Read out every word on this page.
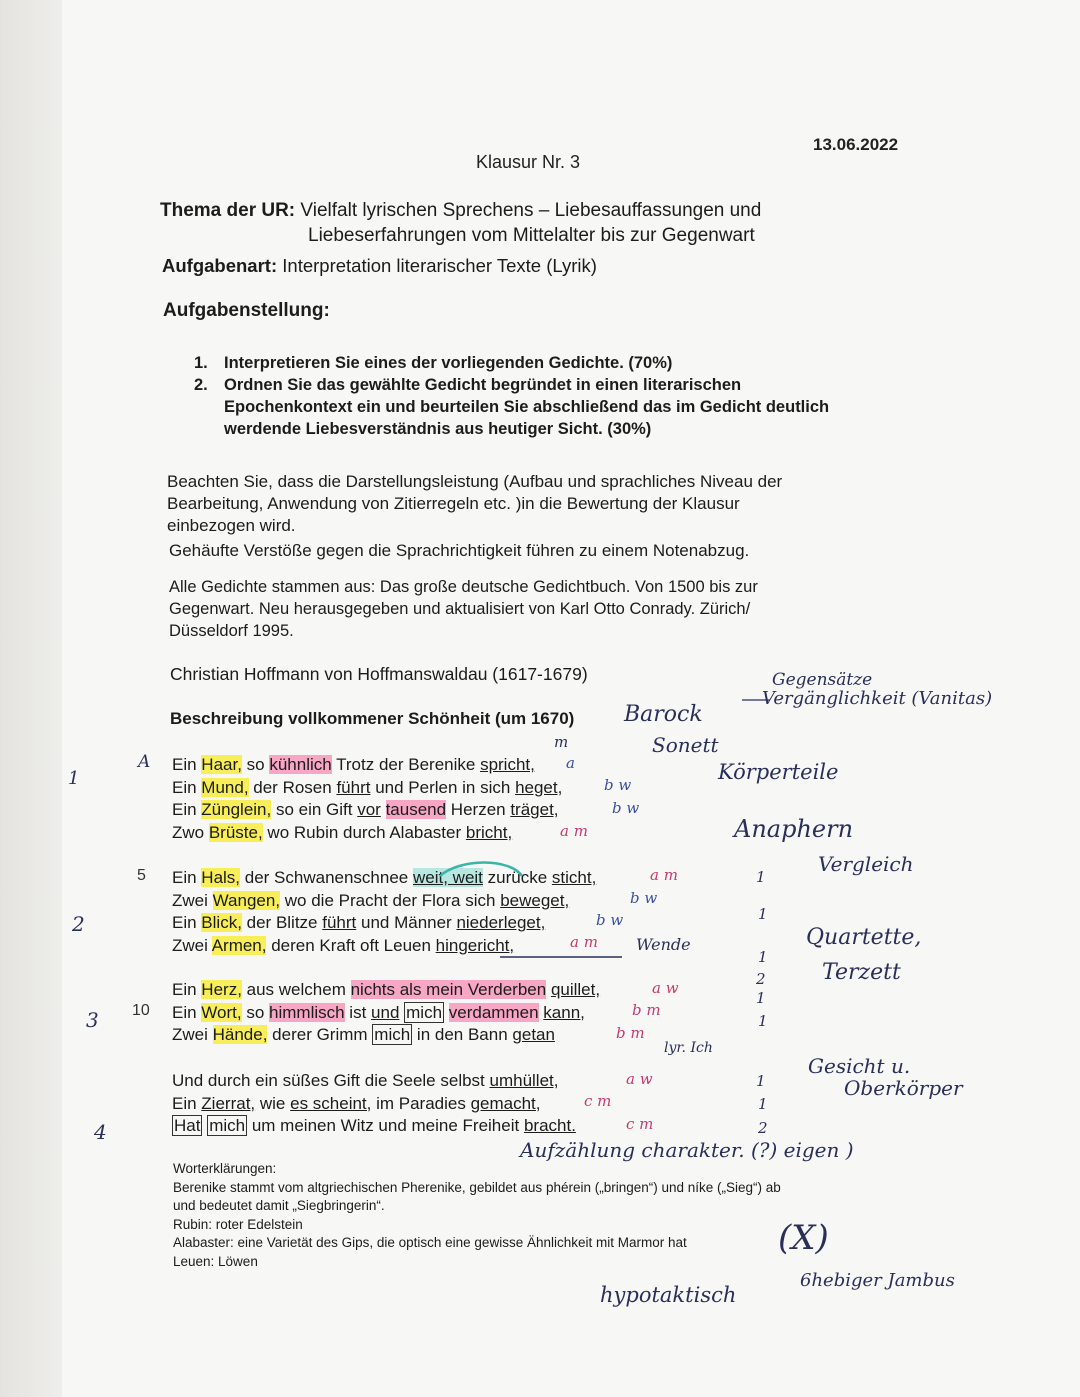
13.06.2022
Klausur Nr. 3
Thema der UR: Vielfalt lyrischen Sprechens – Liebesauffassungen und
Liebeserfahrungen vom Mittelalter bis zur Gegenwart
Aufgabenart: Interpretation literarischer Texte (Lyrik)
Aufgabenstellung:
1. Interpretieren Sie eines der vorliegenden Gedichte. (70%)
2. Ordnen Sie das gewählte Gedicht begründet in einen literarischen
Epochenkontext ein und beurteilen Sie abschließend das im Gedicht deutlich
werdende Liebesverständnis aus heutiger Sicht. (30%)
Beachten Sie, dass die Darstellungsleistung (Aufbau und sprachliches Niveau der
Bearbeitung, Anwendung von Zitierregeln etc. )in die Bewertung der Klausur
einbezogen wird.
Gehäufte Verstöße gegen die Sprachrichtigkeit führen zu einem Notenabzug.
Alle Gedichte stammen aus: Das große deutsche Gedichtbuch. Von 1500 bis zur
Gegenwart. Neu herausgegeben und aktualisiert von Karl Otto Conrady. Zürich/
Düsseldorf 1995.
Christian Hoffmann von Hoffmanswaldau (1617-1679)
Beschreibung vollkommener Schönheit (um 1670)
Ein Haar, so kühnlich Trotz der Berenike spricht,
Ein Mund, der Rosen führt und Perlen in sich heget,
Ein Zünglein, so ein Gift vor tausend Herzen träget,
Zwo Brüste, wo Rubin durch Alabaster bricht,
5 Ein Hals, der Schwanenschnee weit, weit zurücke sticht,
Zwei Wangen, wo die Pracht der Flora sich beweget,
Ein Blick, der Blitze führt und Männer niederleget,
Zwei Armen, deren Kraft oft Leuen hingericht,
10
Ein Herz, aus welchem nichts als mein Verderben quillet,
Ein Wort, so himmlisch ist und mich verdammen kann,
Zwei Hände, derer Grimm mich in den Bann getan
Und durch ein süßes Gift die Seele selbst umhüllet,
Ein Zierrat, wie es scheint, im Paradies gemacht,
Hat mich um meinen Witz und meine Freiheit bracht.
Worterklärungen:
Berenike stammt vom altgriechischen Pherenike, gebildet aus phérein („bringen“) und níke („Sieg“) ab
und bedeutet damit „Siegbringerin“.
Rubin: roter Edelstein
Alabaster: eine Varietät des Gips, die optisch eine gewisse Ähnlichkeit mit Marmor hat
Leuen: Löwen
1
2
3
4
A
Barock
Sonett
m
Gegensätze
Vergänglichkeit (Vanitas)
Körperteile
Anaphern
Vergleich
Quartette,
Terzett
Gesicht u.
Oberkörper
Wende
lyr. Ich
Aufzählung charakter. (?) eigen )
(X)
hypotaktisch
6hebiger Jambus
a
b w
b w
a m
a m
b w
b w
a m
a w
b m
b m
a w
c m
c m
1
1
1
2
1
1
1
1
2
